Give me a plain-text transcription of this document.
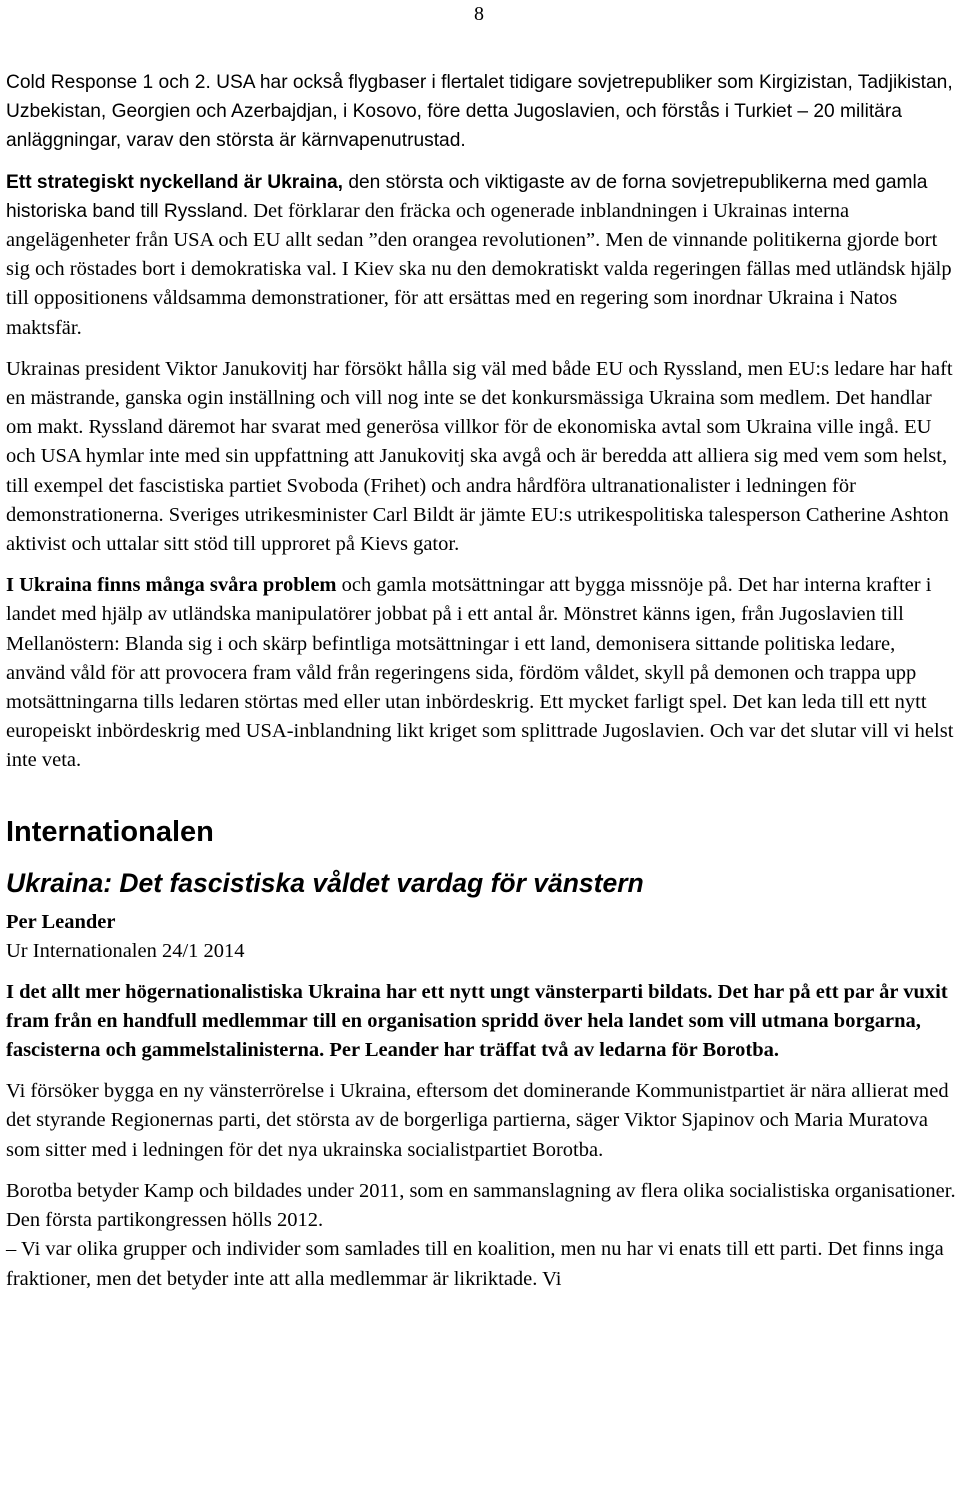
8

Cold Response 1 och 2. USA har också flygbaser i flertalet tidigare sovjetrepubliker som Kirgizistan, Tadjikistan, Uzbekistan, Georgien och Azerbajdjan, i Kosovo, före detta Jugoslavien, och förstås i Turkiet – 20 militära anläggningar, varav den största är kärnvapenutrustad.

Ett strategiskt nyckelland är Ukraina, den största och viktigaste av de forna sovjetrepublikerna med gamla historiska band till Ryssland. Det förklarar den fräcka och ogenerade inblandningen i Ukrainas interna angelägenheter från USA och EU allt sedan ”den orangea revolutionen”. Men de vinnande politikerna gjorde bort sig och röstades bort i demokratiska val. I Kiev ska nu den demokratiskt valda regeringen fällas med utländsk hjälp till oppositionens våldsamma demonstrationer, för att ersättas med en regering som inordnar Ukraina i Natos maktsfär.

Ukrainas president Viktor Janukovitj har försökt hålla sig väl med både EU och Ryssland, men EU:s ledare har haft en mästrande, ganska ogin inställning och vill nog inte se det konkursmässiga Ukraina som medlem. Det handlar om makt. Ryssland däremot har svarat med generösa villkor för de ekonomiska avtal som Ukraina ville ingå. EU och USA hymlar inte med sin uppfattning att Janukovitj ska avgå och är beredda att alliera sig med vem som helst, till exempel det fascistiska partiet Svoboda (Frihet) och andra hårdföra ultranationalister i ledningen för demonstrationerna. Sveriges utrikesminister Carl Bildt är jämte EU:s utrikespolitiska talesperson Catherine Ashton aktivist och uttalar sitt stöd till upproret på Kievs gator.

I Ukraina finns många svåra problem och gamla motsättningar att bygga missnöje på. Det har interna krafter i landet med hjälp av utländska manipulatörer jobbat på i ett antal år. Mönstret känns igen, från Jugoslavien till Mellanöstern: Blanda sig i och skärp befintliga motsättningar i ett land, demonisera sittande politiska ledare, använd våld för att provocera fram våld från regeringens sida, fördöm våldet, skyll på demonen och trappa upp motsättningarna tills ledaren störtas med eller utan inbördeskrig. Ett mycket farligt spel. Det kan leda till ett nytt europeiskt inbördeskrig med USA-inblandning likt kriget som splittrade Jugoslavien. Och var det slutar vill vi helst inte veta.

Internationalen
Ukraina: Det fascistiska våldet vardag för vänstern
Per Leander
Ur Internationalen 24/1 2014

I det allt mer högernationalistiska Ukraina har ett nytt ungt vänsterparti bildats. Det har på ett par år vuxit fram från en handfull medlemmar till en organisation spridd över hela landet som vill utmana borgarna, fascisterna och gammelstalinisterna. Per Leander har träffat två av ledarna för Borotba.

Vi försöker bygga en ny vänsterrörelse i Ukraina, eftersom det dominerande Kommunistpartiet är nära allierat med det styrande Regionernas parti, det största av de borgerliga partierna, säger Viktor Sjapinov och Maria Muratova som sitter med i ledningen för det nya ukrainska socialistpartiet Borotba.

Borotba betyder Kamp och bildades under 2011, som en sammanslagning av flera olika socialistiska organisationer. Den första partikongressen hölls 2012.

– Vi var olika grupper och individer som samlades till en koalition, men nu har vi enats till ett parti. Det finns inga fraktioner, men det betyder inte att alla medlemmar är likriktade. Vi
